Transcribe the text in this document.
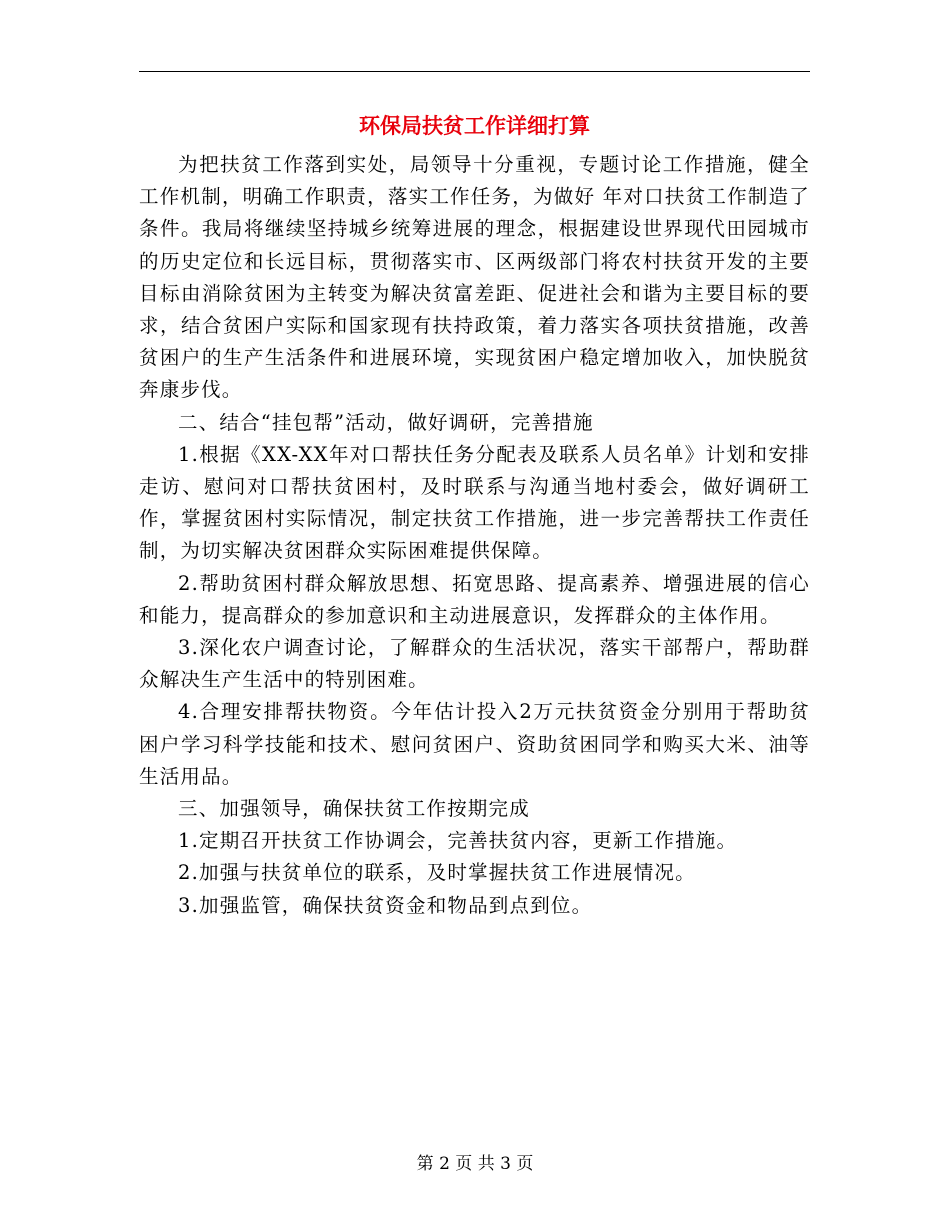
环保局扶贫工作详细打算

为把扶贫工作落到实处，局领导十分重视，专题讨论工作措施，健全工作机制，明确工作职责，落实工作任务，为做好 年对口扶贫工作制造了条件。我局将继续坚持城乡统筹进展的理念，根据建设世界现代田园城市的历史定位和长远目标，贯彻落实市、区两级部门将农村扶贫开发的主要目标由消除贫困为主转变为解决贫富差距、促进社会和谐为主要目标的要求，结合贫困户实际和国家现有扶持政策，着力落实各项扶贫措施，改善贫困户的生产生活条件和进展环境，实现贫困户稳定增加收入，加快脱贫奔康步伐。

二、结合“挂包帮”活动，做好调研，完善措施

1.根据《XX-XX年对口帮扶任务分配表及联系人员名单》计划和安排走访、慰问对口帮扶贫困村，及时联系与沟通当地村委会，做好调研工作，掌握贫困村实际情况，制定扶贫工作措施，进一步完善帮扶工作责任制，为切实解决贫困群众实际困难提供保障。

2.帮助贫困村群众解放思想、拓宽思路、提高素养、增强进展的信心和能力，提高群众的参加意识和主动进展意识，发挥群众的主体作用。

3.深化农户调查讨论，了解群众的生活状况，落实干部帮户，帮助群众解决生产生活中的特别困难。

4.合理安排帮扶物资。今年估计投入2万元扶贫资金分别用于帮助贫困户学习科学技能和技术、慰问贫困户、资助贫困同学和购买大米、油等生活用品。

三、加强领导，确保扶贫工作按期完成

1.定期召开扶贫工作协调会，完善扶贫内容，更新工作措施。

2.加强与扶贫单位的联系，及时掌握扶贫工作进展情况。

3.加强监管，确保扶贫资金和物品到点到位。

第 2 页 共 3 页
